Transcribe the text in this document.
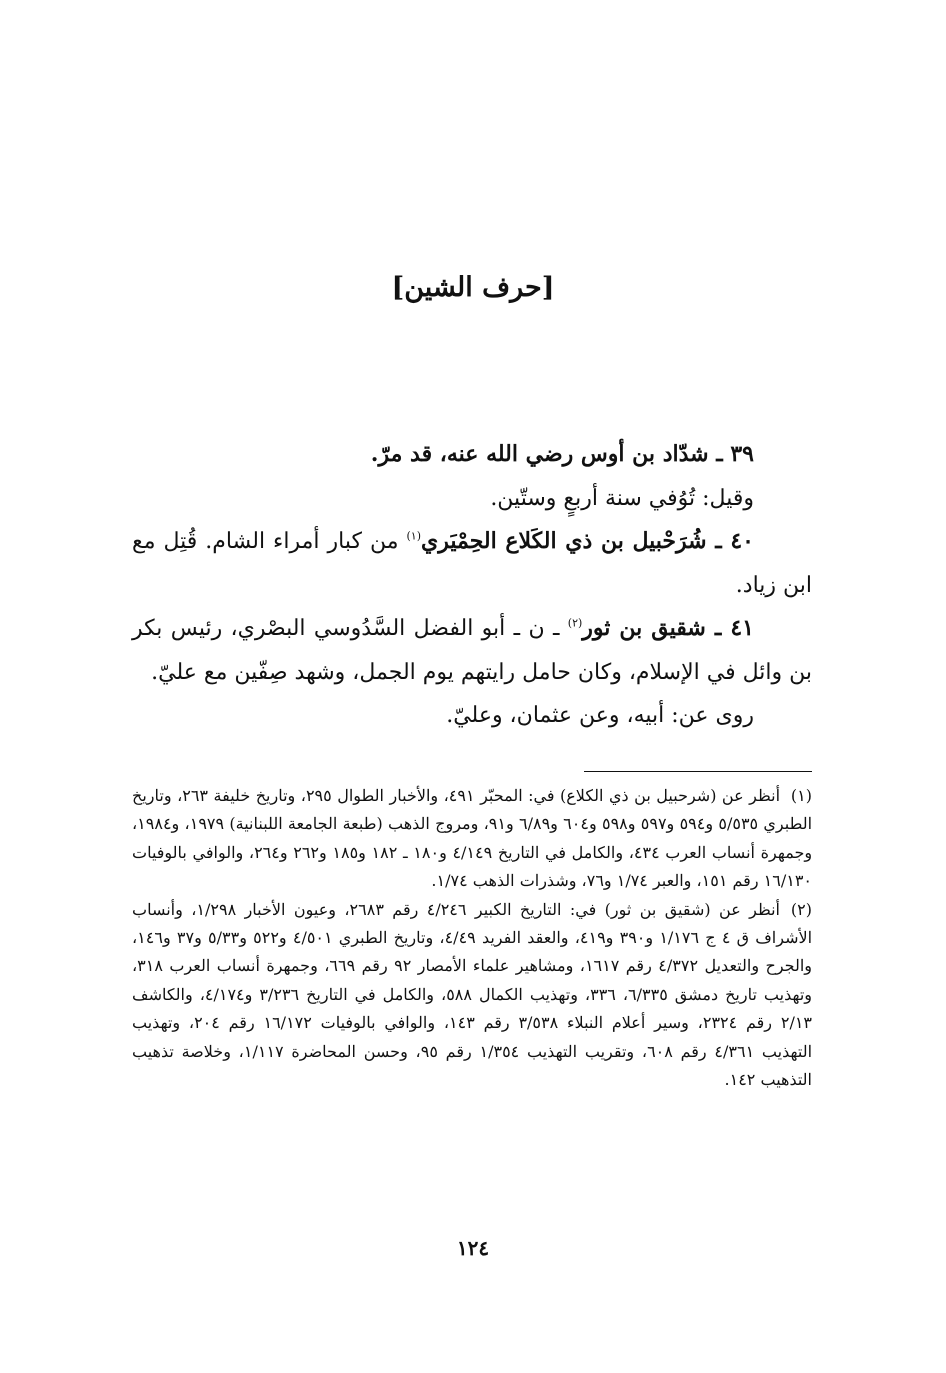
[حرف الشين]

٣٩ ـ شدّاد بن أوس رضي الله عنه، قد مرّ.

وقيل: تُوُفي سنة أربعٍ وستّين.

٤٠ ـ شُرَحْبيل بن ذي الكَلاع الحِمْيَري$^{(١)}$ من كبار أمراء الشام. قُتِل مع ابن زياد.

٤١ ـ شقيق بن ثور$^{(٢)}$ ـ ن ـ أبو الفضل السَّدُوسي البصْري، رئيس بكر بن وائل في الإسلام، وكان حامل رايتهم يوم الجمل، وشهد صِفّين مع عليّ.

روى عن: أبيه، وعن عثمان، وعليّ.

(١)أنظر عن (شرحبيل بن ذي الكلاع) في: المحبّر ٤٩١، والأخبار الطوال ٢٩٥، وتاريخ خليفة ٢٦٣، وتاريخ الطبري ٥/٥٣٥ و٥٩٤ و٥٩٧ و٥٩٨ و٦٠٤ و٦/٨٩ و٩١، ومروج الذهب (طبعة الجامعة اللبنانية) ١٩٧٩، و١٩٨٤، وجمهرة أنساب العرب ٤٣٤، والكامل في التاريخ ٤/١٤٩ و١٨٠ ـ ١٨٢ و١٨٥ و٢٦٢ و٢٦٤، والوافي بالوفيات ١٦/١٣٠ رقم ١٥١، والعبر ١/٧٤ و٧٦، وشذرات الذهب ١/٧٤.

(٢)أنظر عن (شقيق بن ثور) في: التاريخ الكبير ٤/٢٤٦ رقم ٢٦٨٣، وعيون الأخبار ١/٢٩٨، وأنساب الأشراف ق ٤ ج ١/١٧٦ و٣٩٠ و٤١٩، والعقد الفريد ٤/٤٩، وتاريخ الطبري ٤/٥٠١ و٥٢٢ و٥/٣٣ و٣٧ و١٤٦، والجرح والتعديل ٤/٣٧٢ رقم ١٦١٧، ومشاهير علماء الأمصار ٩٢ رقم ٦٦٩، وجمهرة أنساب العرب ٣١٨، وتهذيب تاريخ دمشق ٦/٣٣٥، ٣٣٦، وتهذيب الكمال ٥٨٨، والكامل في التاريخ ٣/٢٣٦ و٤/١٧٤، والكاشف ٢/١٣ رقم ٢٣٢٤، وسير أعلام النبلاء ٣/٥٣٨ رقم ١٤٣، والوافي بالوفيات ١٦/١٧٢ رقم ٢٠٤، وتهذيب التهذيب ٤/٣٦١ رقم ٦٠٨، وتقريب التهذيب ١/٣٥٤ رقم ٩٥، وحسن المحاضرة ١/١١٧، وخلاصة تذهيب التذهيب ١٤٢.

١٢٤
